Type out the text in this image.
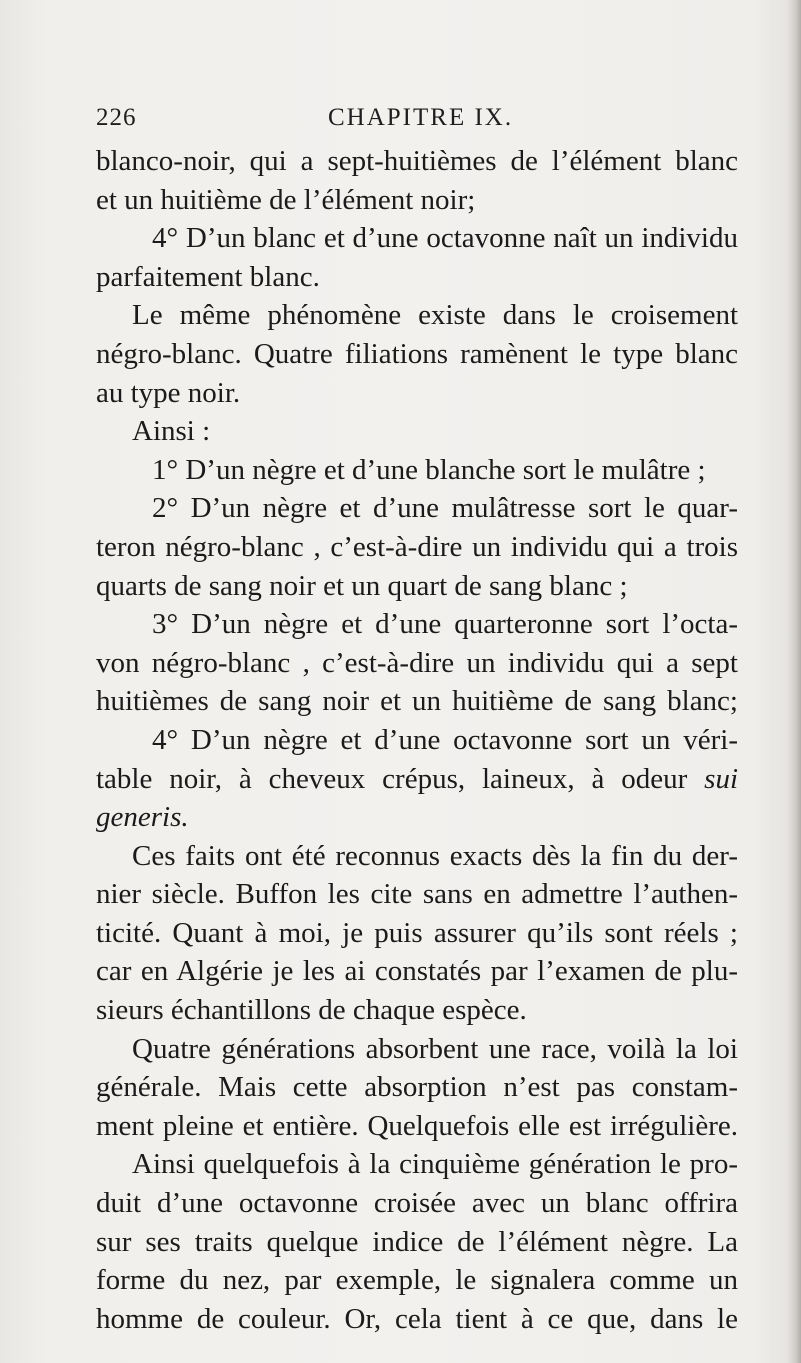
226	CHAPITRE IX.
blanco-noir, qui a sept-huitièmes de l’élément blanc
et un huitième de l’élément noir;
4° D’un blanc et d’une octavonne naît un individu
parfaitement blanc.
Le même phénomène existe dans le croisement
négro-blanc. Quatre filiations ramènent le type blanc
au type noir.
Ainsi :
1° D’un nègre et d’une blanche sort le mulâtre ;
2° D’un nègre et d’une mulâtresse sort le quar-
teron négro-blanc , c’est-à-dire un individu qui a trois
quarts de sang noir et un quart de sang blanc ;
3° D’un nègre et d’une quarteronne sort l’octa-
von négro-blanc , c’est-à-dire un individu qui a sept
huitièmes de sang noir et un huitième de sang blanc;
4° D’un nègre et d’une octavonne sort un véri-
table noir, à cheveux crépus, laineux, à odeur sui
generis.
Ces faits ont été reconnus exacts dès la fin du der-
nier siècle. Buffon les cite sans en admettre l’authen-
ticité. Quant à moi, je puis assurer qu’ils sont réels ;
car en Algérie je les ai constatés par l’examen de plu-
sieurs échantillons de chaque espèce.
Quatre générations absorbent une race, voilà la loi
générale. Mais cette absorption n’est pas constam-
ment pleine et entière. Quelquefois elle est irrégulière.
Ainsi quelquefois à la cinquième génération le pro-
duit d’une octavonne croisée avec un blanc offrira
sur ses traits quelque indice de l’élément nègre. La
forme du nez, par exemple, le signalera comme un
homme de couleur. Or, cela tient à ce que, dans le
